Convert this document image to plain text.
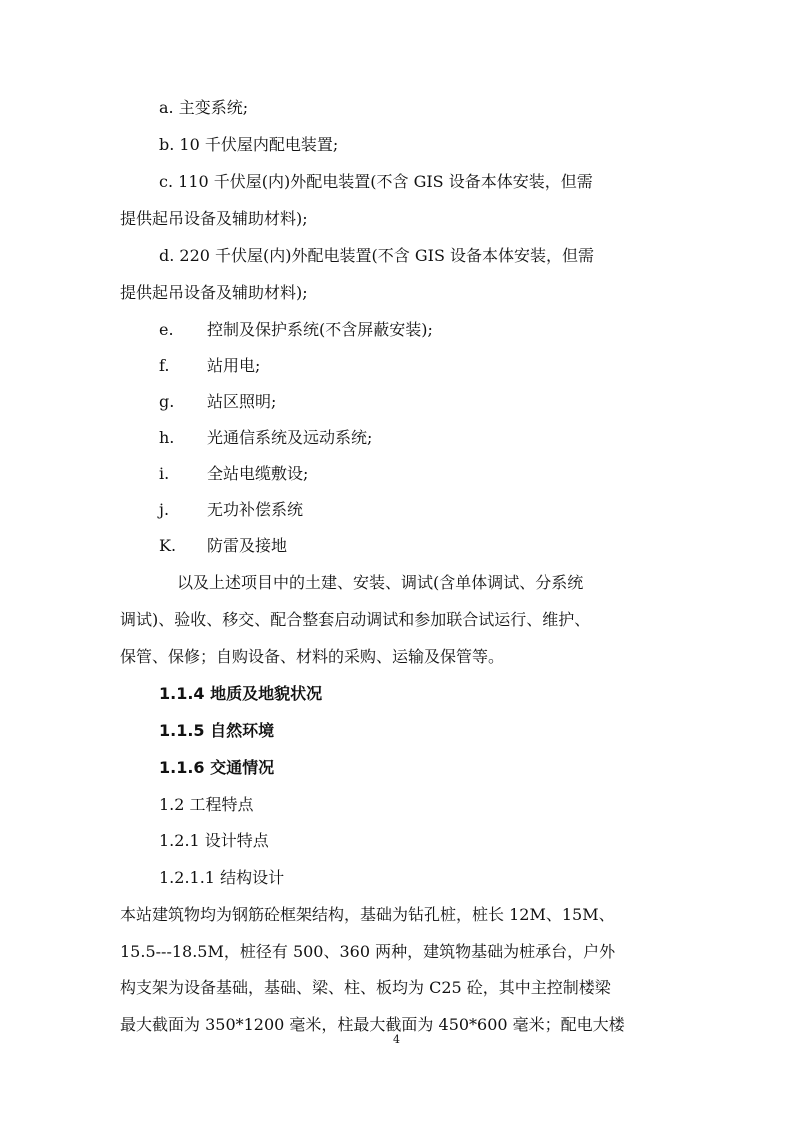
a. 主变系统;
b. 10 千伏屋内配电装置;
c. 110 千伏屋(内)外配电装置(不含 GIS 设备本体安装，但需
提供起吊设备及辅助材料);
d. 220 千伏屋(内)外配电装置(不含 GIS 设备本体安装，但需
提供起吊设备及辅助材料);
e. 控制及保护系统(不含屏蔽安装);
f. 站用电;
g. 站区照明;
h. 光通信系统及远动系统;
i. 全站电缆敷设;
j. 无功补偿系统
K. 防雷及接地
以及上述项目中的土建、安装、调试(含单体调试、分系统
调试)、验收、移交、配合整套启动调试和参加联合试运行、维护、
保管、保修；自购设备、材料的采购、运输及保管等。
1.1.4 地质及地貌状况
1.1.5 自然环境
1.1.6 交通情况
1.2 工程特点
1.2.1 设计特点
1.2.1.1 结构设计
本站建筑物均为钢筋砼框架结构，基础为钻孔桩，桩长 12M、15M、
15.5---18.5M，桩径有 500、360 两种，建筑物基础为桩承台，户外
构支架为设备基础，基础、梁、柱、板均为 C25 砼，其中主控制楼梁
最大截面为 350*1200 毫米，柱最大截面为 450*600 毫米；配电大楼
4
